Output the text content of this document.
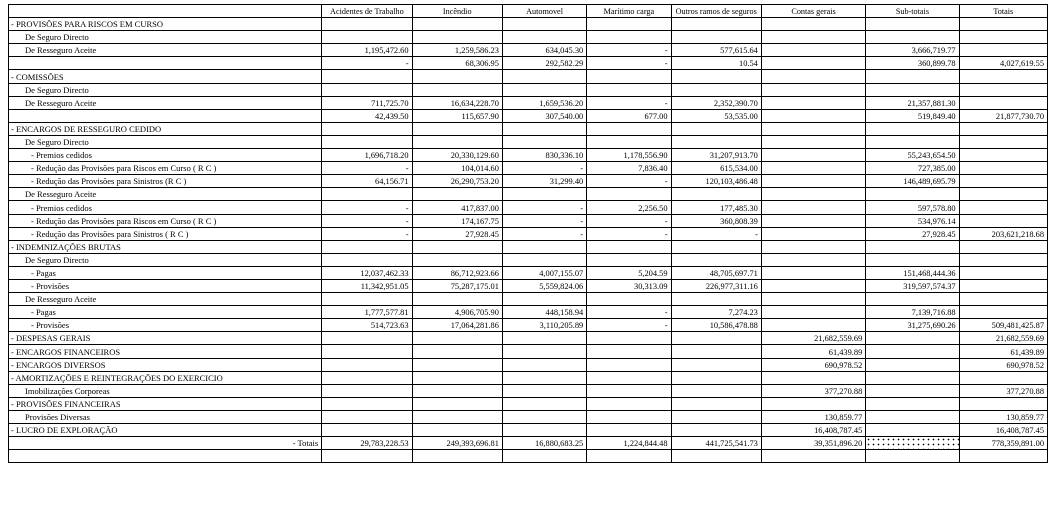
	Acidentes de Trabalho	Incêndio	Automovel	Marítimo carga	Outros ramos de seguros	Contas gerais	Sub-totais	Totais
- PROVISÕES PARA RISCOS EM CURSO								
De Seguro Directo								
De Resseguro Aceite	1,195,472.60	1,259,586.23	634,045.30	-	577,615.64		3,666,719.77	
	-	68,306.95	292,582.29	-	10.54		360,899.78	4,027,619.55
- COMISSÕES								
De Seguro Directo								
De Resseguro Aceite	711,725.70	16,634,228.70	1,659,536.20	-	2,352,390.70		21,357,881.30	
	42,439.50	115,657.90	307,540.00	677.00	53,535.00		519,849.40	21,877,730.70
- ENCARGOS DE RESSEGURO CEDIDO								
De Seguro Directo								
- Premios cedidos	1,696,718.20	20,330,129.60	830,336.10	1,178,556.90	31,207,913.70		55,243,654.50	
- Redução das Provisões para Riscos em Curso ( R C )	-	104,014.60	-	7,836.40	615,534.00		727,385.00	
- Redução das Provisões para Sinistros (R C )	64,156.71	26,290,753.20	31,299.40	-	120,103,486.48		146,489,695.79	
De Resseguro Aceite								
- Premios cedidos	-	417,837.00	-	2,256.50	177,485.30		597,578.80	
- Redução das Provisões para Riscos em Curso ( R C )	-	174,167.75	-	-	360,808.39		534,976.14	
- Redução das Provisões para Sinistros ( R C )	-	27,928.45	-	-	-		27,928.45	203,621,218.68
- INDEMNIZAÇÕES BRUTAS								
De Seguro Directo								
- Pagas	12,037,462.33	86,712,923.66	4,007,155.07	5,204.59	48,705,697.71		151,468,444.36	
- Provisões	11,342,951.05	75,287,175.01	5,559,824.06	30,313.09	226,977,311.16		319,597,574.37	
De Resseguro Aceite								
- Pagas	1,777,577.81	4,906,705.90	448,158.94	-	7,274.23		7,139,716.88	
- Provisões	514,723.63	17,064,281.86	3,110,205.89	-	10,586,478.88		31,275,690.26	509,481,425.87
- DESPESAS GERAIS						21,682,559.69		21,682,559.69
- ENCARGOS FINANCEIROS						61,439.89		61,439.89
- ENCARGOS DIVERSOS						690,978.52		690,978.52
- AMORTIZAÇÕES E REINTEGRAÇÕES DO EXERCICIO								
Imobilizações Corporeas						377,270.88		377,270.88
- PROVISÕES FINANCEIRAS								
Provisões Diversas						130,859.77		130,859.77
- LUCRO DE EXPLORAÇÃO						16,408,787.45		16,408,787.45
- Totais	29,783,228.53	249,393,696.81	16,880,683.25	1,224,844.48	441,725,541.73	39,351,896.20		778,359,891.00
